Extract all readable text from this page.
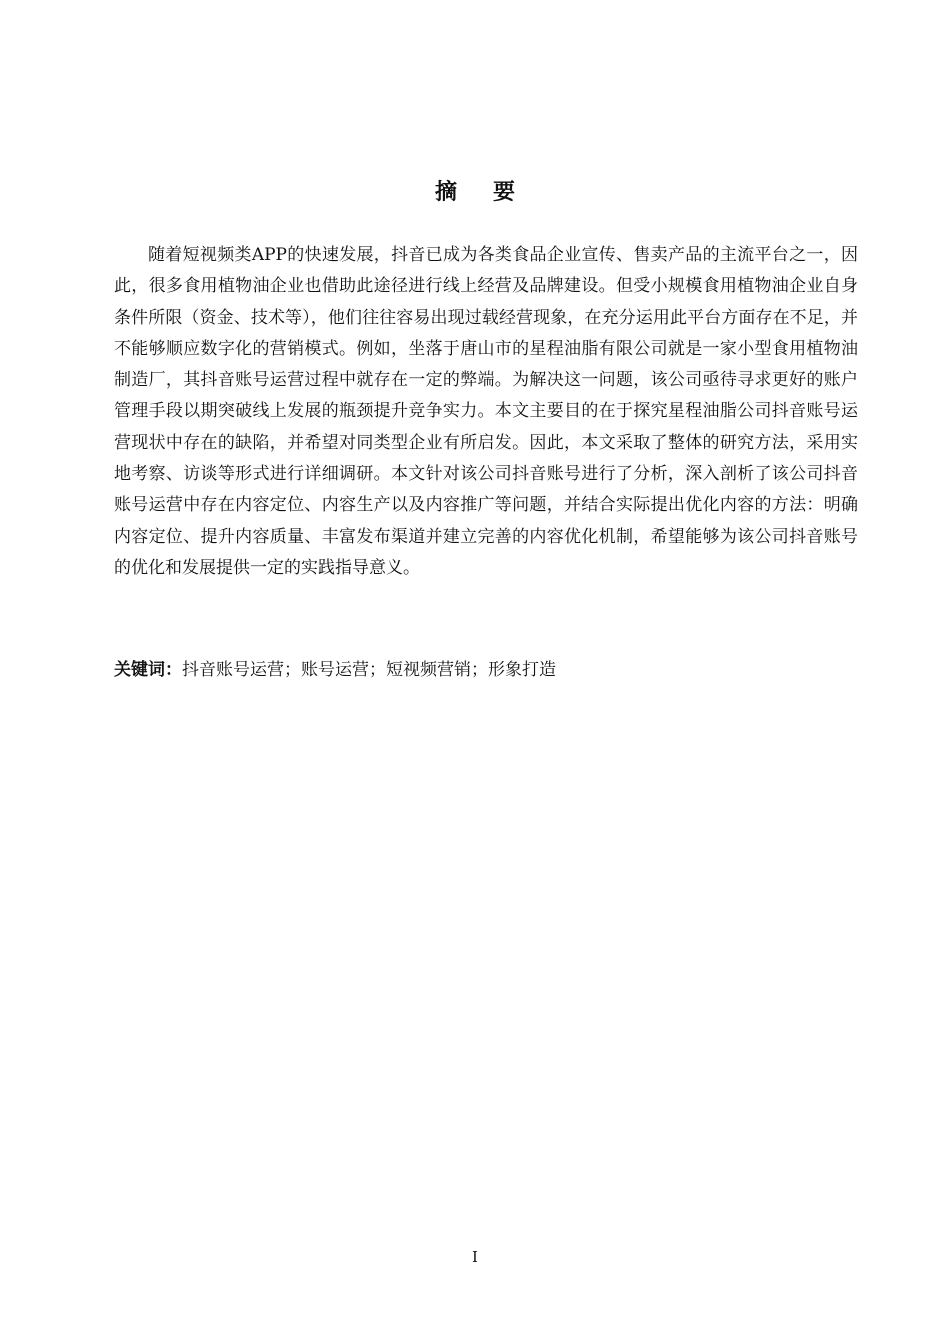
摘要

随着短视频类APP的快速发展，抖音已成为各类食品企业宣传、售卖产品的主流平台之一，因此，很多食用植物油企业也借助此途径进行线上经营及品牌建设。但受小规模食用植物油企业自身条件所限（资金、技术等），他们往往容易出现过载经营现象，在充分运用此平台方面存在不足，并不能够顺应数字化的营销模式。例如，坐落于唐山市的星程油脂有限公司就是一家小型食用植物油制造厂，其抖音账号运营过程中就存在一定的弊端。为解决这一问题，该公司亟待寻求更好的账户管理手段以期突破线上发展的瓶颈提升竞争实力。本文主要目的在于探究星程油脂公司抖音账号运营现状中存在的缺陷，并希望对同类型企业有所启发。因此，本文采取了整体的研究方法，采用实地考察、访谈等形式进行详细调研。本文针对该公司抖音账号进行了分析，深入剖析了该公司抖音账号运营中存在内容定位、内容生产以及内容推广等问题，并结合实际提出优化内容的方法：明确内容定位、提升内容质量、丰富发布渠道并建立完善的内容优化机制，希望能够为该公司抖音账号的优化和发展提供一定的实践指导意义。

关键词：抖音账号运营；账号运营；短视频营销；形象打造
I
